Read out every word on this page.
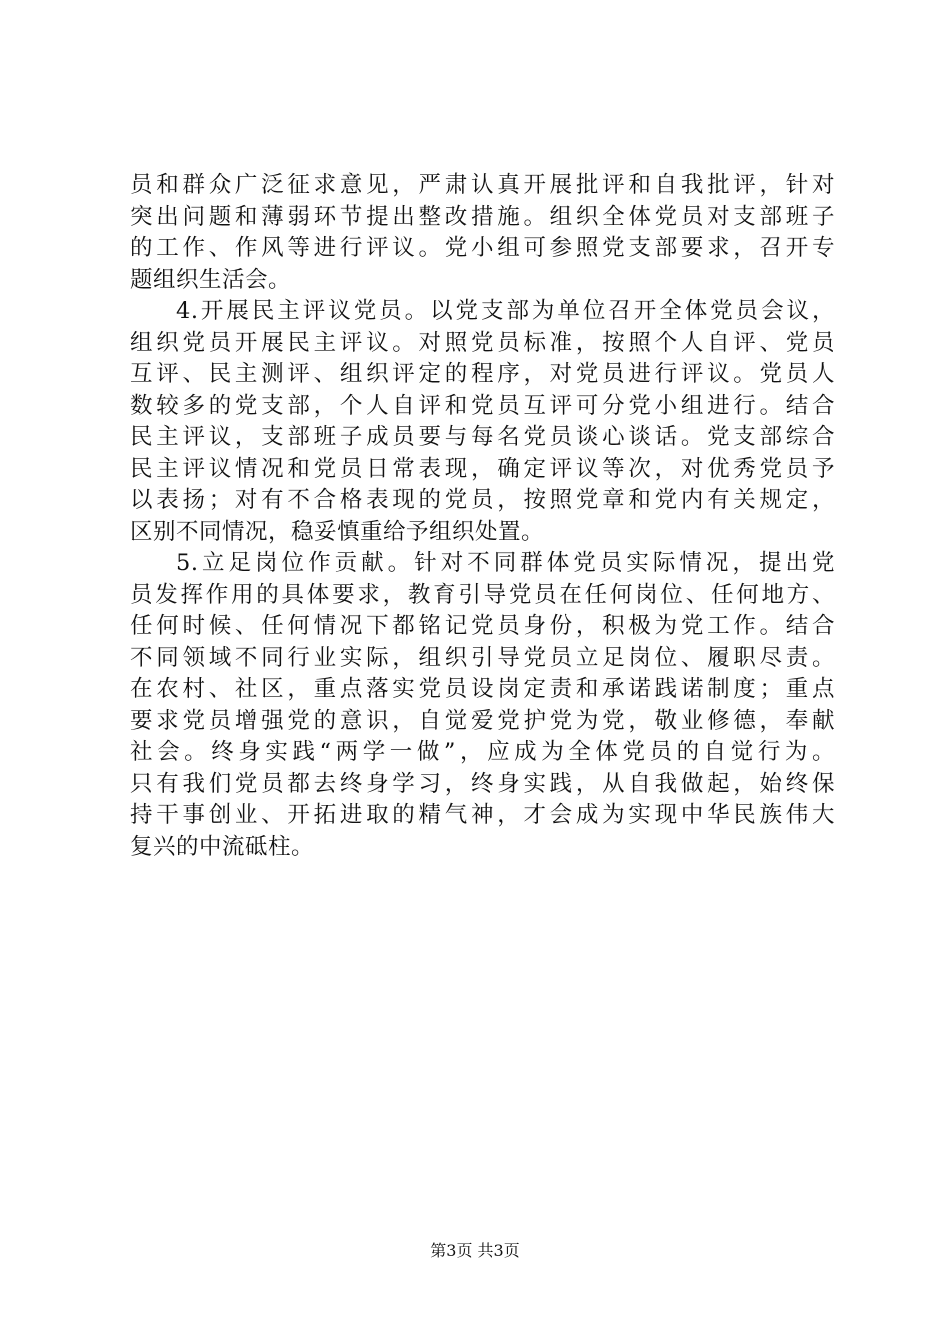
员和群众广泛征求意见，严肃认真开展批评和自我批评，针对
突出问题和薄弱环节提出整改措施。组织全体党员对支部班子
的工作、作风等进行评议。党小组可参照党支部要求，召开专
题组织生活会。
4.开展民主评议党员。以党支部为单位召开全体党员会议，
组织党员开展民主评议。对照党员标准，按照个人自评、党员
互评、民主测评、组织评定的程序，对党员进行评议。党员人
数较多的党支部，个人自评和党员互评可分党小组进行。结合
民主评议，支部班子成员要与每名党员谈心谈话。党支部综合
民主评议情况和党员日常表现，确定评议等次，对优秀党员予
以表扬；对有不合格表现的党员，按照党章和党内有关规定，
区别不同情况，稳妥慎重给予组织处置。
5.立足岗位作贡献。针对不同群体党员实际情况，提出党
员发挥作用的具体要求，教育引导党员在任何岗位、任何地方、
任何时候、任何情况下都铭记党员身份，积极为党工作。结合
不同领域不同行业实际，组织引导党员立足岗位、履职尽责。
在农村、社区，重点落实党员设岗定责和承诺践诺制度；重点
要求党员增强党的意识，自觉爱党护党为党，敬业修德，奉献
社会。终身实践“两学一做”，应成为全体党员的自觉行为。
只有我们党员都去终身学习，终身实践，从自我做起，始终保
持干事创业、开拓进取的精气神，才会成为实现中华民族伟大
复兴的中流砥柱。
第3页 共3页
